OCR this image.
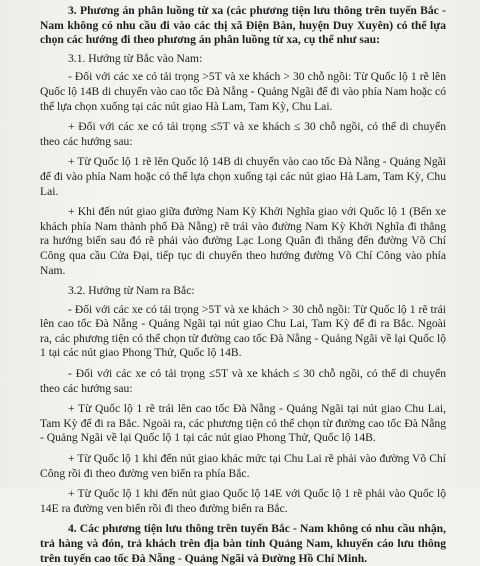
3. Phương án phân luồng từ xa (các phương tiện lưu thông trên tuyến Bắc - Nam không có nhu cầu đi vào các thị xã Điện Bàn, huyện Duy Xuyên) có thể lựa chọn các hướng đi theo phương án phân luồng từ xa, cụ thể như sau:

3.1. Hướng từ Bắc vào Nam:

- Đối với các xe có tải trọng >5T và xe khách > 30 chỗ ngồi: Từ Quốc lộ 1 rẽ lên Quốc lộ 14B di chuyển vào cao tốc Đà Nẵng - Quảng Ngãi để đi vào phía Nam hoặc có thể lựa chọn xuống tại các nút giao Hà Lam, Tam Kỳ, Chu Lai.

+ Đối với các xe có tải trọng ≤5T và xe khách ≤ 30 chỗ ngồi, có thể di chuyển theo các hướng sau:

+ Từ Quốc lộ 1 rẽ lên Quốc lộ 14B di chuyển vào cao tốc Đà Nẵng - Quảng Ngãi để đi vào phía Nam hoặc có thể lựa chọn xuống tại các nút giao Hà Lam, Tam Kỳ, Chu Lai.

+ Khi đến nút giao giữa đường Nam Kỳ Khởi Nghĩa giao với Quốc lộ 1 (Bến xe khách phía Nam thành phố Đà Nẵng) rẽ trái vào đường Nam Kỳ Khởi Nghĩa đi thẳng ra hướng biển sau đó rẽ phải vào đường Lạc Long Quân đi thẳng đến đường Võ Chí Công qua cầu Cửa Đại, tiếp tục di chuyển theo hướng đường Võ Chí Công vào phía Nam.

3.2. Hướng từ Nam ra Bắc:

- Đối với các xe có tải trọng >5T và xe khách > 30 chỗ ngồi: Từ Quốc lộ 1 rẽ trái lên cao tốc Đà Nẵng - Quảng Ngãi tại nút giao Chu Lai, Tam Kỳ để đi ra Bắc. Ngoài ra, các phương tiện có thể chọn từ đường cao tốc Đà Nẵng - Quảng Ngãi về lại Quốc lộ 1 tại các nút giao Phong Thử, Quốc lộ 14B.

- Đối với các xe có tải trọng ≤5T và xe khách ≤ 30 chỗ ngồi, có thể di chuyển theo các hướng sau:

+ Từ Quốc lộ 1 rẽ trái lên cao tốc Đà Nẵng - Quảng Ngãi tại nút giao Chu Lai, Tam Kỳ để đi ra Bắc. Ngoài ra, các phương tiện có thể chọn từ đường cao tốc Đà Nẵng - Quảng Ngãi về lại Quốc lộ 1 tại các nút giao Phong Thử, Quốc lộ 14B.

+ Từ Quốc lộ 1 khi đến nút giao khác mức tại Chu Lai rẽ phải vào đường Võ Chí Công rồi đi theo đường ven biển ra phía Bắc.

+ Từ Quốc lộ 1 khi đến nút giao Quốc lộ 14E với Quốc lộ 1 rẽ phải vào Quốc lộ 14E ra đường ven biển rồi đi theo đường biển ra Bắc.

4. Các phương tiện lưu thông trên tuyến Bắc - Nam không có nhu cầu nhận, trả hàng và đón, trả khách trên địa bàn tỉnh Quảng Nam, khuyến cáo lưu thông trên tuyến cao tốc Đà Nẵng - Quảng Ngãi và Đường Hồ Chí Minh.
